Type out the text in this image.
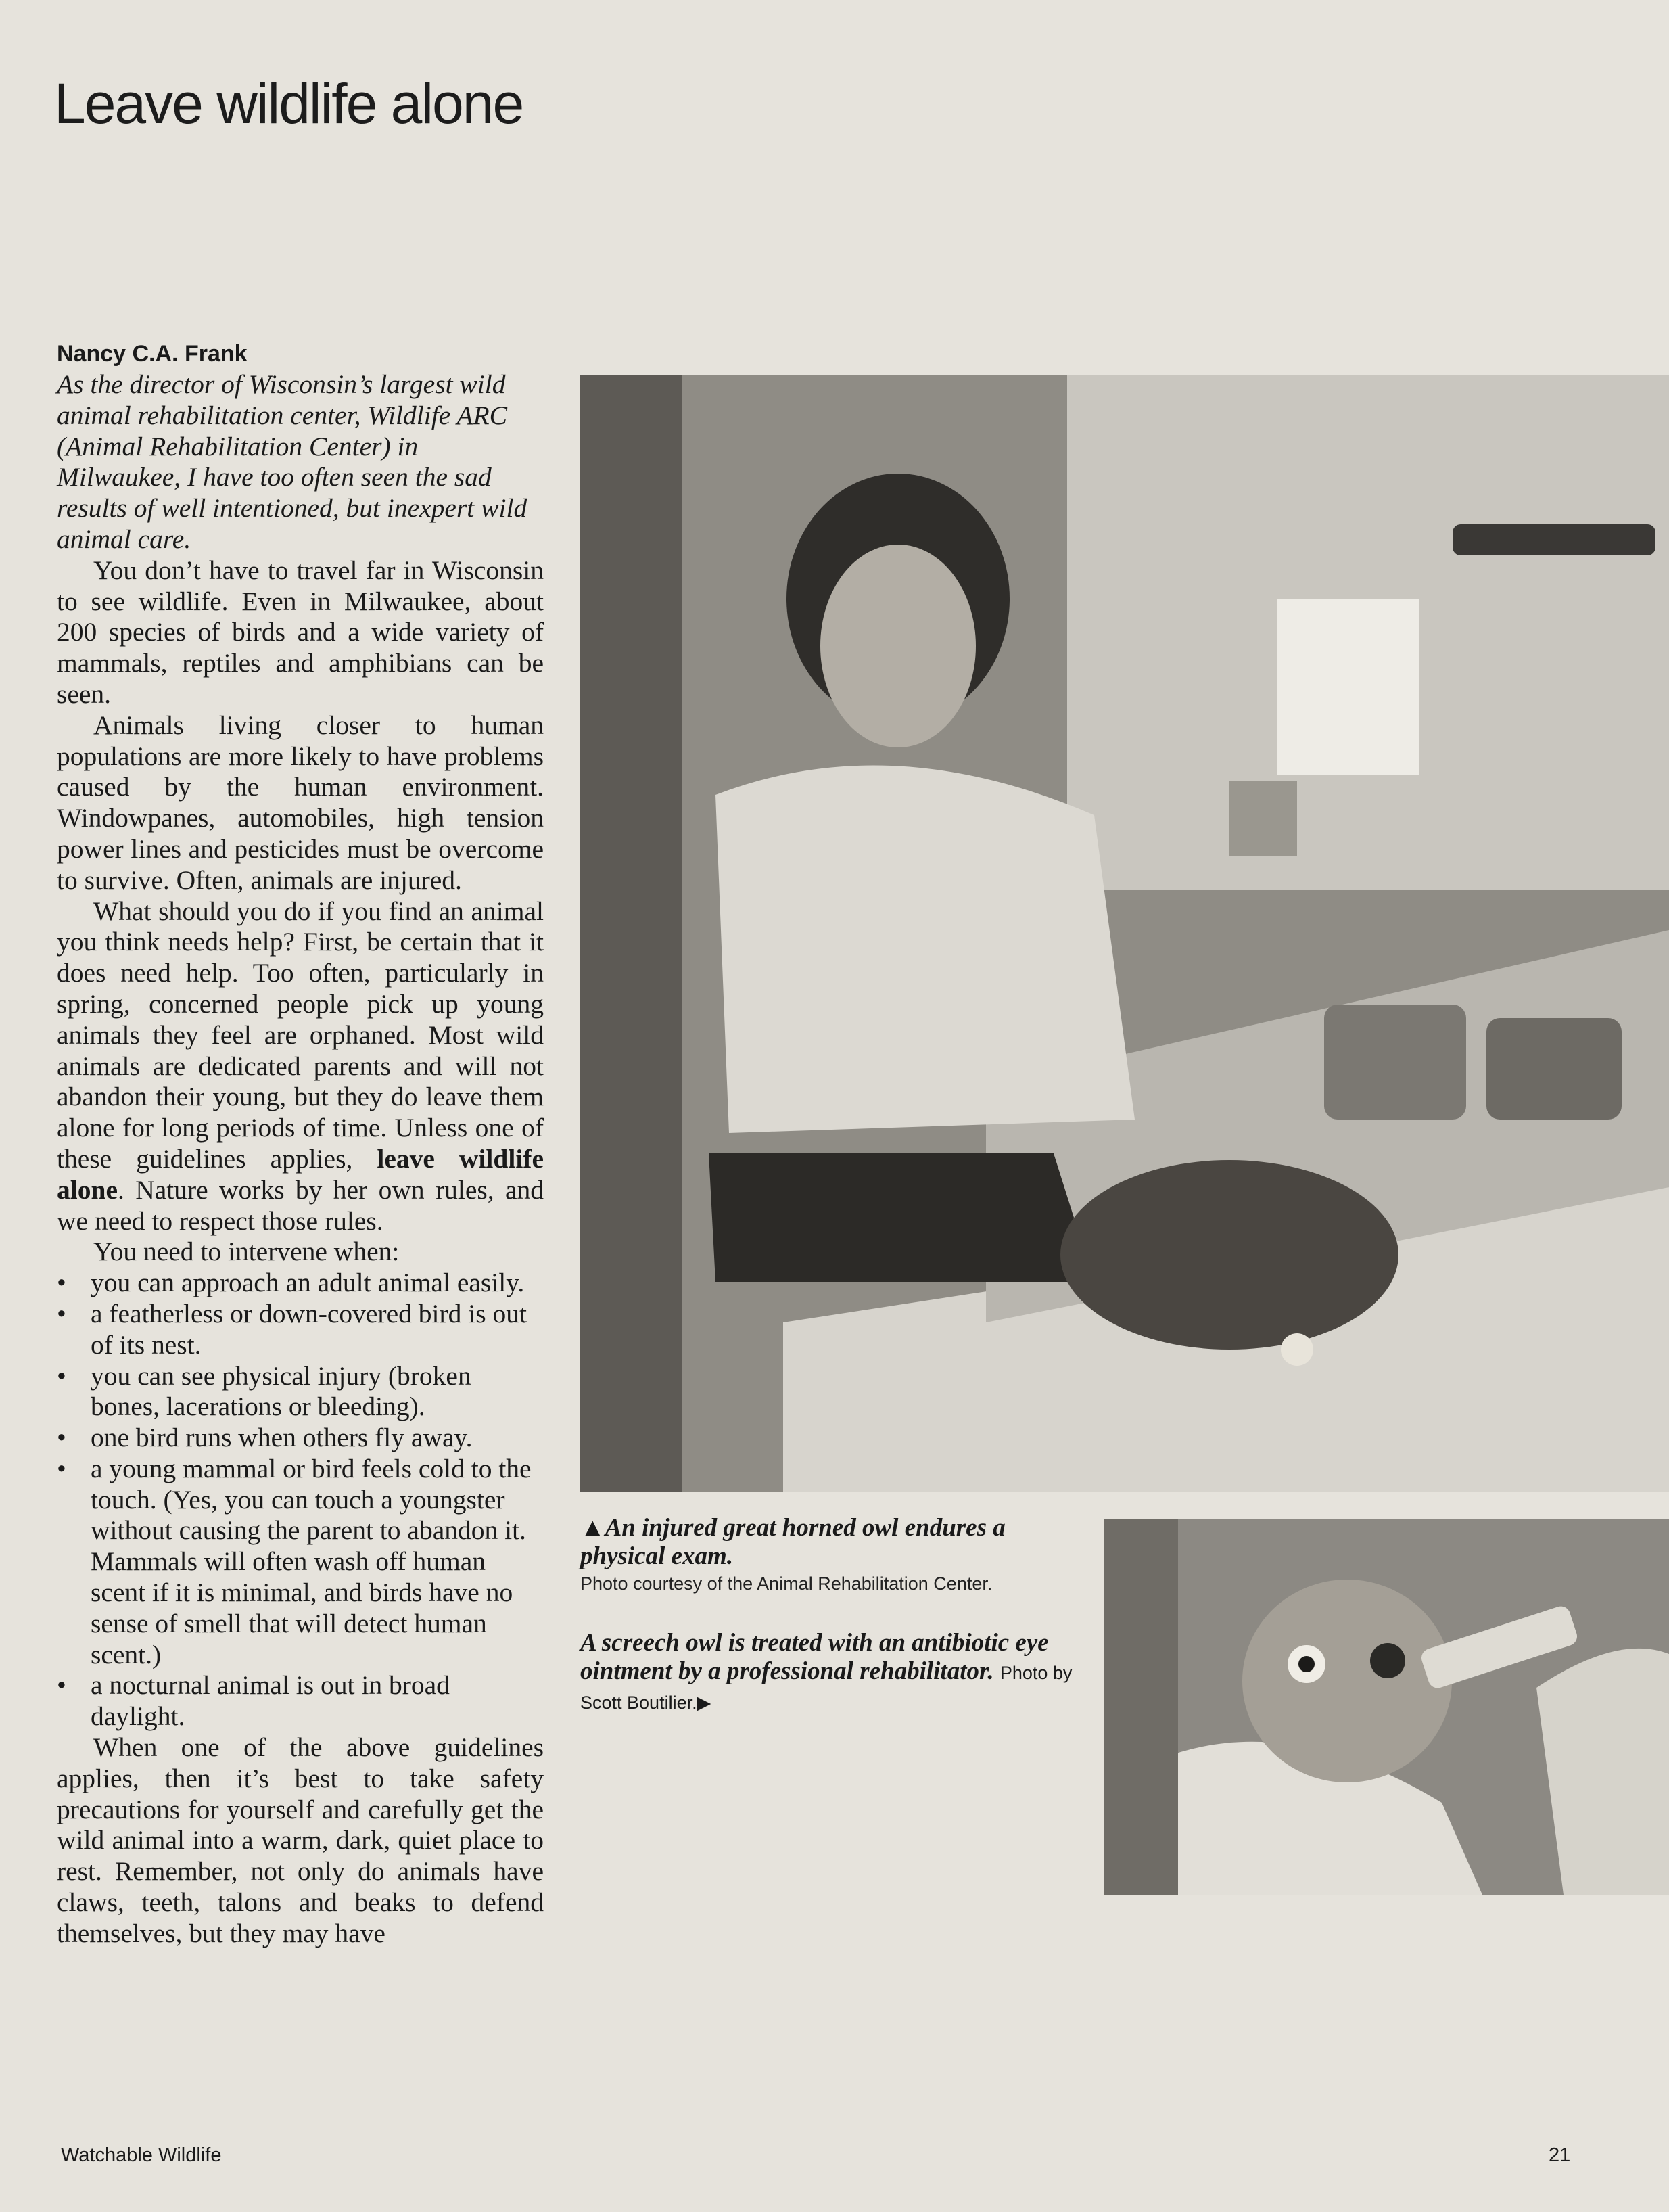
Leave wildlife alone

Nancy C.A. Frank

As the director of Wisconsin’s largest wild animal rehabilitation center, Wildlife ARC (Animal Rehabilitation Center) in Milwaukee, I have too often seen the sad results of well intentioned, but inexpert wild animal care.

You don’t have to travel far in Wisconsin to see wildlife. Even in Milwaukee, about 200 species of birds and a wide variety of mammals, reptiles and amphibians can be seen.

Animals living closer to human populations are more likely to have problems caused by the human environment. Windowpanes, automobiles, high tension power lines and pesticides must be overcome to survive. Often, animals are injured.

What should you do if you find an animal you think needs help? First, be certain that it does need help. Too often, particularly in spring, concerned people pick up young animals they feel are orphaned. Most wild animals are dedicated parents and will not abandon their young, but they do leave them alone for long periods of time. Unless one of these guidelines applies, leave wildlife alone. Nature works by her own rules, and we need to respect those rules.

You need to intervene when:

• you can approach an adult animal easily.
• a featherless or down-covered bird is out of its nest.
• you can see physical injury (broken bones, lacerations or bleeding).
• one bird runs when others fly away.
• a young mammal or bird feels cold to the touch. (Yes, you can touch a youngster without causing the parent to abandon it. Mammals will often wash off human scent if it is minimal, and birds have no sense of smell that will detect human scent.)
• a nocturnal animal is out in broad daylight.

When one of the above guidelines applies, then it’s best to take safety precautions for yourself and carefully get the wild animal into a warm, dark, quiet place to rest. Remember, not only do animals have claws, teeth, talons and beaks to defend themselves, but they may have

▲An injured great horned owl endures a physical exam.

Photo courtesy of the Animal Rehabilitation Center.

A screech owl is treated with an antibiotic eye ointment by a professional rehabilitator. Photo by Scott Boutilier.▶

Watchable Wildlife	21
